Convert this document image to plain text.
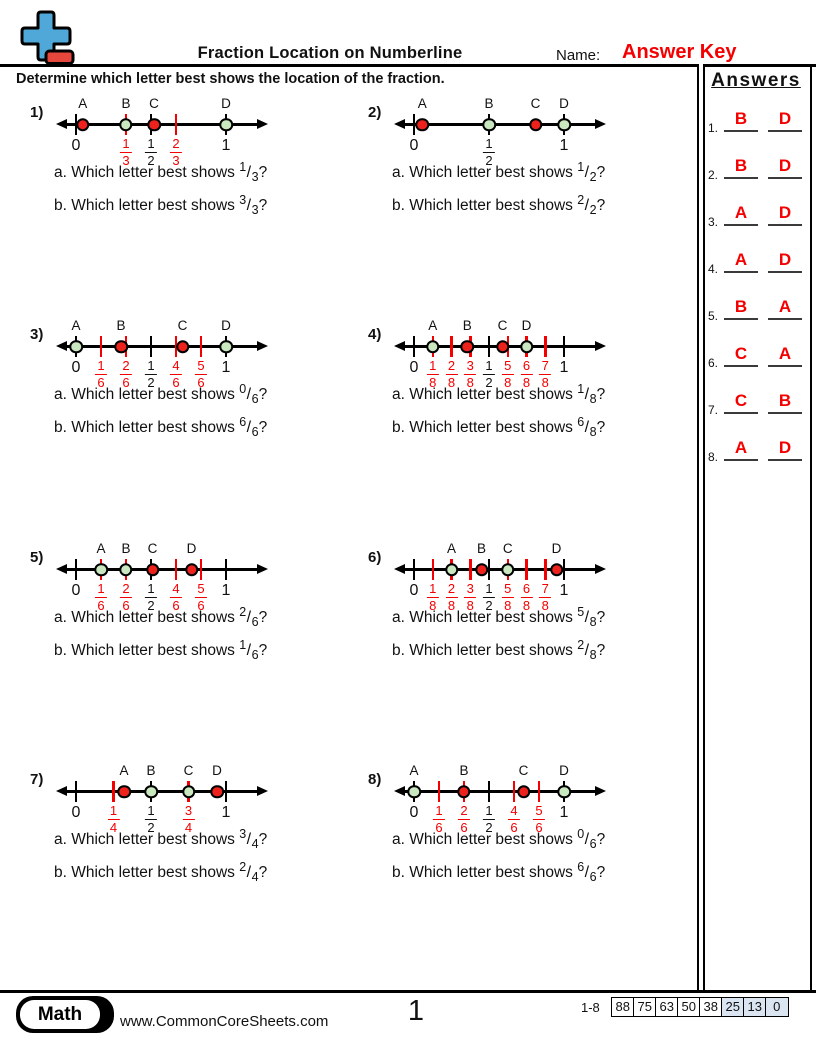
Fraction Location on Numberline	Name: Answer Key
Determine which letter best shows the location of the fraction.	Answers
1. B	D
2. B	D
3. A	D
4. A	D
5. B	A
6. C	A
7. C	B
8. A	D
1)
0	$\frac{1}{3} \frac{1}{2} \frac{2}{3} 1$
A	B C	D
a. Which letter best shows $^1/_3$?
b. Which letter best shows $^3/_3$?
2)
0	$\frac{1}{2}$	1
A	B	C D
a. Which letter best shows $^1/_2$?
b. Which letter best shows $^2/_2$?
3)
$0 \frac{1}{6} \frac{2}{6} \frac{1}{2} \frac{4}{6} \frac{5}{6} 1$
A	B	C	D
a. Which letter best shows $^0/_6$?
b. Which letter best shows $^6/_6$?
4)
$0 \frac{1}{8} \frac{2}{8} \frac{3}{8} \frac{1}{2} \frac{5}{8} \frac{6}{8} \frac{7}{8} 1$
A B C D
a. Which letter best shows $^1/_8$?
b. Which letter best shows $^6/_8$?
5)
$0 \frac{1}{6} \frac{2}{6} \frac{1}{2} \frac{4}{6} \frac{5}{6} 1$
A B C D
a. Which letter best shows $^2/_6$?
b. Which letter best shows $^1/_6$?
6)
$0 \frac{1}{8} \frac{2}{8} \frac{3}{8} \frac{1}{2} \frac{5}{8} \frac{6}{8} \frac{7}{8} 1$
A B C	D
a. Which letter best shows $^5/_8$?
b. Which letter best shows $^2/_8$?
7)
$0 \frac{1}{4} \frac{1}{2} \frac{3}{4} 1$
A B C D
a. Which letter best shows $^3/_4$?
b. Which letter best shows $^2/_4$?
8)
$0 \frac{1}{6} \frac{2}{6} \frac{1}{2} \frac{4}{6} \frac{5}{6} 1$
A	B	C D
a. Which letter best shows $^0/_6$?
b. Which letter best shows $^6/_6$?
Math	www.CommonCoreSheets.com	1	1-8	88 75 63 50 38 25 13 0
